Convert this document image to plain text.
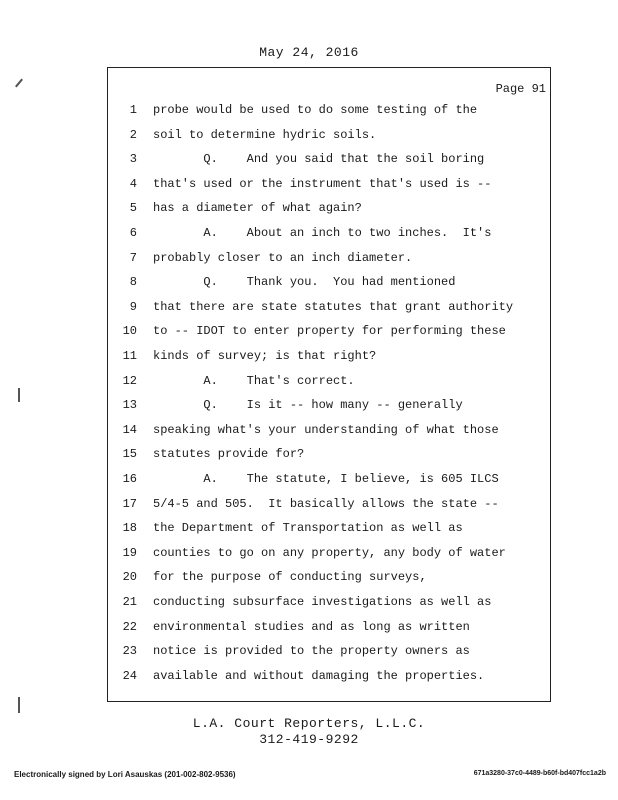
May 24, 2016
Page 91
1 probe would be used to do some testing of the
2 soil to determine hydric soils.
3 Q.    And you said that the soil boring
4 that's used or the instrument that's used is --
5 has a diameter of what again?
6 A.    About an inch to two inches.  It's
7 probably closer to an inch diameter.
8 Q.    Thank you.  You had mentioned
9 that there are state statutes that grant authority
10 to -- IDOT to enter property for performing these
11 kinds of survey; is that right?
12 A.    That's correct.
13 Q.    Is it -- how many -- generally
14 speaking what's your understanding of what those
15 statutes provide for?
16 A.    The statute, I believe, is 605 ILCS
17 5/4-5 and 505.  It basically allows the state --
18 the Department of Transportation as well as
19 counties to go on any property, any body of water
20 for the purpose of conducting surveys,
21 conducting subsurface investigations as well as
22 environmental studies and as long as written
23 notice is provided to the property owners as
24 available and without damaging the properties.
L.A. Court Reporters, L.L.C.
312-419-9292
Electronically signed by Lori Asauskas (201-002-802-9536)	671a3280-37c0-4489-b60f-bd407fcc1a2b
